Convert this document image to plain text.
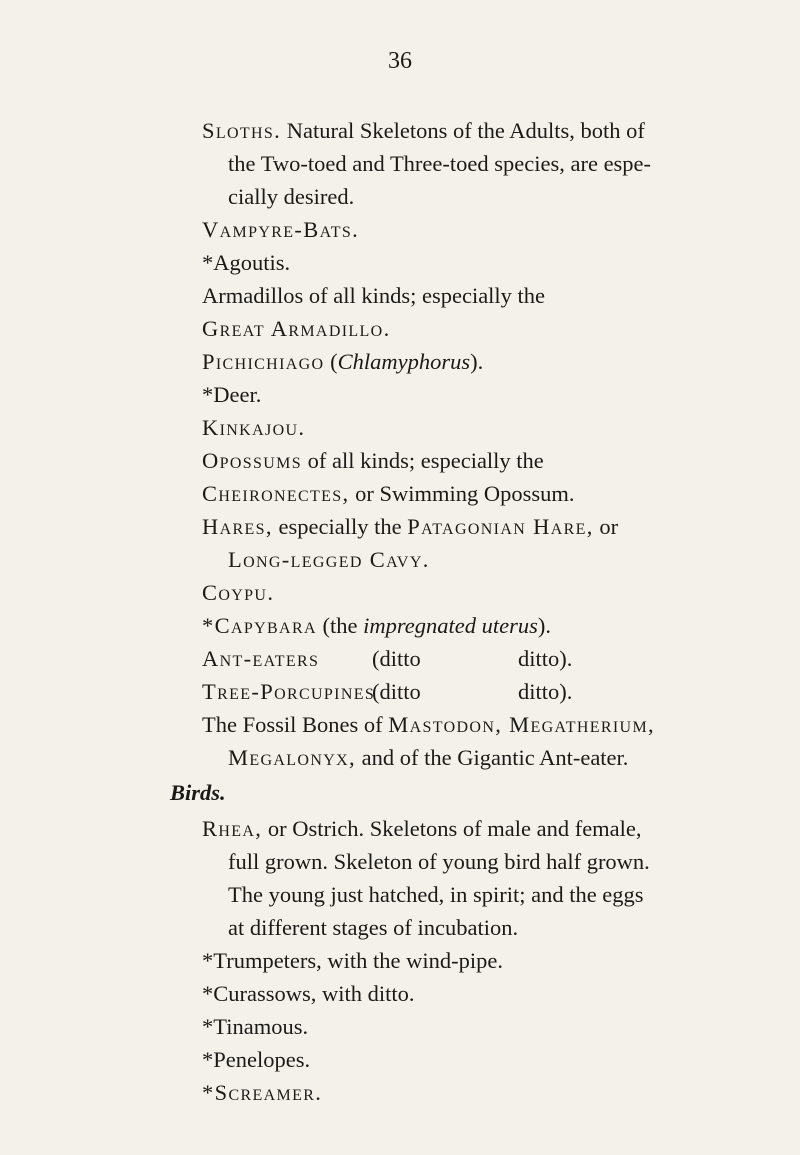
36
Sloths. Natural Skeletons of the Adults, both of
the Two-toed and Three-toed species, are espe-
cially desired.
Vampyre-Bats.
*Agoutis.
Armadillos of all kinds; especially the
Great Armadillo.
Pichichiago (Chlamyphorus).
*Deer.
Kinkajou.
Opossums of all kinds; especially the
Cheironectes, or Swimming Opossum.
Hares, especially the Patagonian Hare, or
Long-legged Cavy.
Coypu.
*Capybara (the impregnated uterus).
Ant-eaters (ditto	ditto).
Tree-Porcupines
(ditto	ditto).
The Fossil Bones of Mastodon, Megatherium,
Megalonyx, and of the Gigantic Ant-eater.
Birds.
Rhea, or Ostrich. Skeletons of male and female,
full grown. Skeleton of young bird half grown.
The young just hatched, in spirit; and the eggs
at different stages of incubation.
*Trumpeters, with the wind-pipe.
*Curassows, with ditto.
*Tinamous.
*Penelopes.
*Screamer.
